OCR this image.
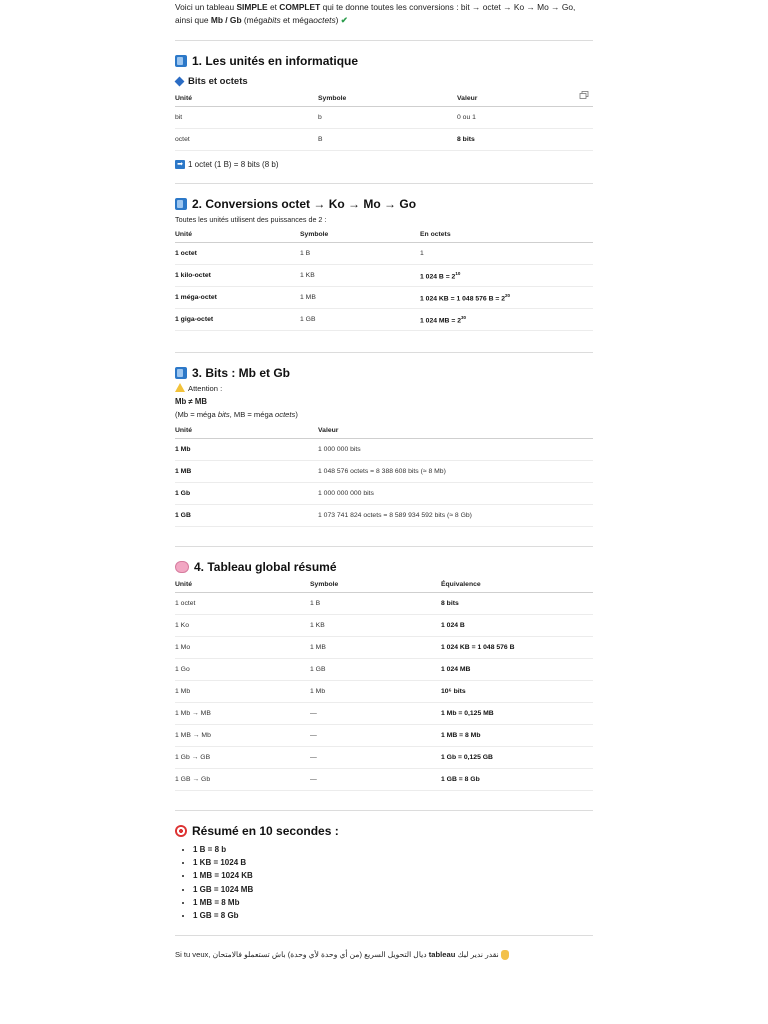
Voici un tableau SIMPLE et COMPLET qui te donne toutes les conversions : bit → octet → Ko → Mo → Go,
ainsi que Mb / Gb (mégabits et mégaoctets) ✔
1. Les unités en informatique
Bits et octets
Unité	Symbole	Valeur
bit	b	0 ou 1
octet	B	8 bits
➡ 1 octet (1 B) = 8 bits (8 b)
2. Conversions octet → Ko → Mo → Go
Toutes les unités utilisent des puissances de 2 :
Unité	Symbole	En octets
1 octet	1 B	1
1 kilo-octet	1 KB	1 024 $B = 2^{10}$
1 méga-octet	1 MB	1 024 KB = 1 048 576 $B = 2^{20}$
1 giga-octet	1 GB	1 024 MB = $2^{30}$
3. Bits : Mb et Gb
Attention :
Mb ≠ MB
(Mb = méga bits, MB = méga octets)
Unité	Valeur
1 Mb	1 000 000 bits
1 MB	1 048 576 octets = 8 388 608 bits (≈ 8 Mb)
1 Gb	1 000 000 000 bits
1 GB	1 073 741 824 octets = 8 589 934 592 bits (≈ 8 Gb)
4. Tableau global résumé
Unité	Symbole	Équivalence
1 octet	1 B	8 bits
1 Ko	1 KB	1 024 B
1 Mo	1 MB	1 024 KB = 1 048 576 B
1 Go	1 GB	1 024 MB
1 Mb	1 Mb	10⁶ bits
1 Mb → MB	—	1 Mb = 0,125 MB
1 MB → Mb	—	1 MB = 8 Mb
1 Gb → GB	—	1 Gb = 0,125 GB
1 GB → Gb	—	1 GB = 8 Gb
Résumé en 10 secondes :
• 1 B = 8 b
• 1 KB = 1024 B
• 1 MB = 1024 KB
• 1 GB = 1024 MB
• 1 MB = 8 Mb
• 1 GB = 8 Gb
Si tu veux,	نقدر ندير ليك tableau ديال التحويل السريع (من أي وحدة لأي وحدة) باش تستعملو فالامتحان
